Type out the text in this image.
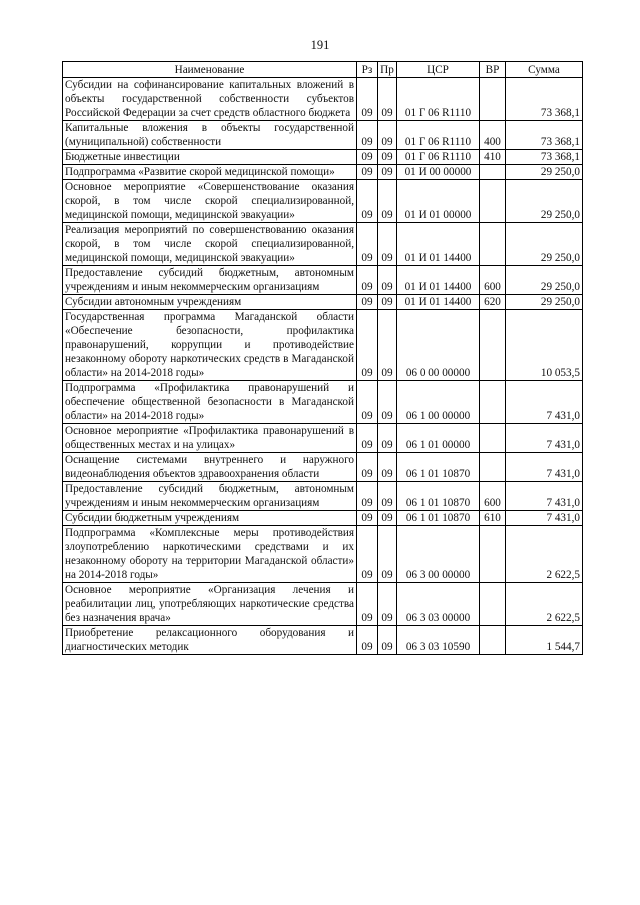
191
Наименование	Рз	Пр	ЦСР	ВР	Сумма
Субсидии на софинансирование капитальных вложений в объекты государственной собственности субъектов Российской Федерации за счет средств областного бюджета	09	09	01 Г 06 R1110		73 368,1
Капитальные вложения в объекты государственной (муниципальной) собственности	09	09	01 Г 06 R1110	400	73 368,1
Бюджетные инвестиции	09	09	01 Г 06 R1110	410	73 368,1
Подпрограмма «Развитие скорой медицинской помощи»	09	09	01 И 00 00000		29 250,0
Основное мероприятие «Совершенствование оказания скорой, в том числе скорой специализированной, медицинской помощи, медицинской эвакуации»	09	09	01 И 01 00000		29 250,0
Реализация мероприятий по совершенствованию оказания скорой, в том числе скорой специализированной, медицинской помощи, медицинской эвакуации»	09	09	01 И 01 14400		29 250,0
Предоставление субсидий бюджетным, автономным учреждениям и иным некоммерческим организациям	09	09	01 И 01 14400	600	29 250,0
Субсидии автономным учреждениям	09	09	01 И 01 14400	620	29 250,0
Государственная программа Магаданской области «Обеспечение безопасности, профилактика правонарушений, коррупции и противодействие незаконному обороту наркотических средств в Магаданской области» на 2014-2018 годы»	09	09	06 0 00 00000		10 053,5
Подпрограмма «Профилактика правонарушений и обеспечение общественной безопасности в Магаданской области» на 2014-2018 годы»	09	09	06 1 00 00000		7 431,0
Основное мероприятие «Профилактика правонарушений в общественных местах и на улицах»	09	09	06 1 01 00000		7 431,0
Оснащение системами внутреннего и наружного видеонаблюдения объектов здравоохранения области	09	09	06 1 01 10870		7 431,0
Предоставление субсидий бюджетным, автономным учреждениям и иным некоммерческим организациям	09	09	06 1 01 10870	600	7 431,0
Субсидии бюджетным учреждениям	09	09	06 1 01 10870	610	7 431,0
Подпрограмма «Комплексные меры противодействия злоупотреблению наркотическими средствами и их незаконному обороту на территории Магаданской области» на 2014-2018 годы»	09	09	06 3 00 00000		2 622,5
Основное мероприятие «Организация лечения и реабилитации лиц, употребляющих наркотические средства без назначения врача»	09	09	06 3 03 00000		2 622,5
Приобретение релаксационного оборудования и диагностических методик	09	09	06 3 03 10590		1 544,7
